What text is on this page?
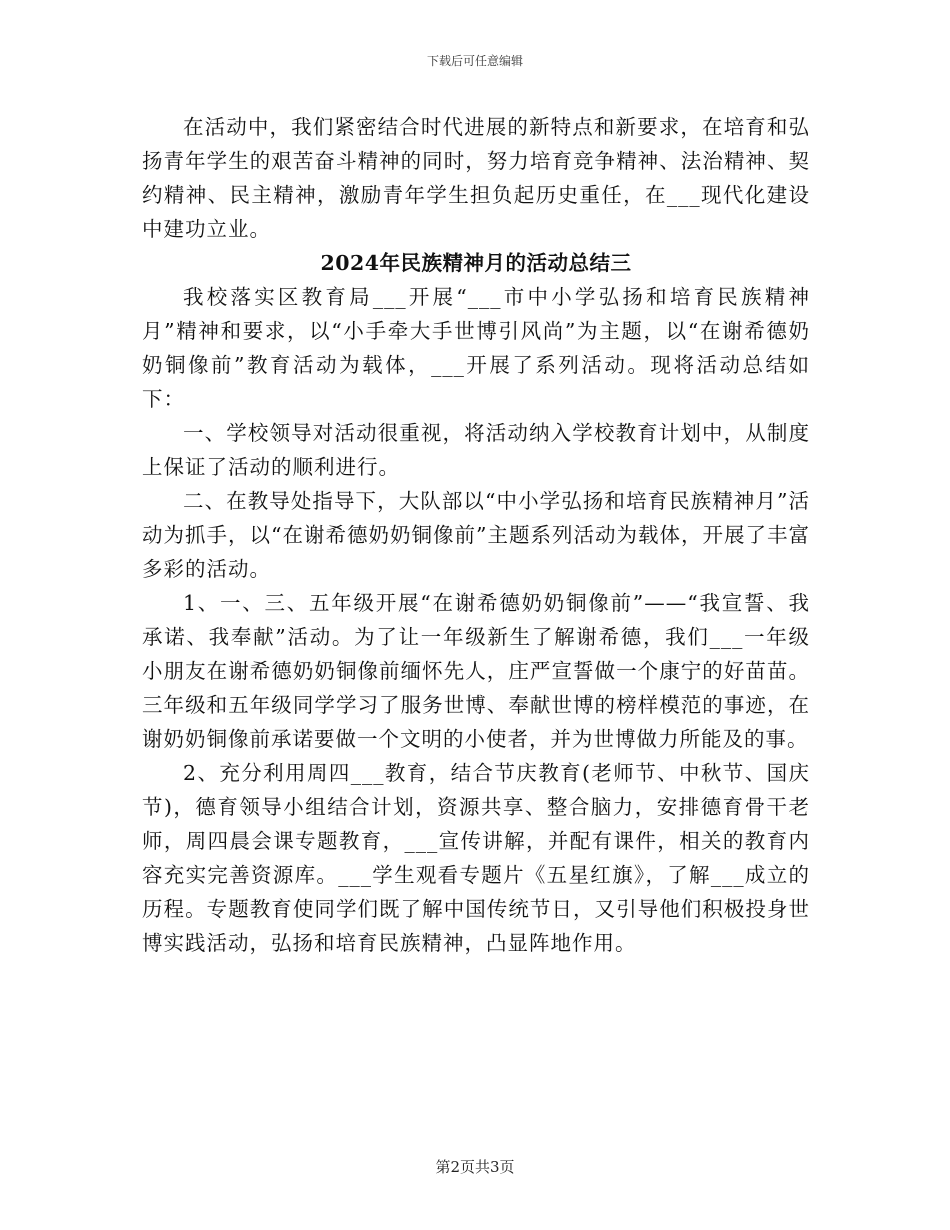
下载后可任意编辑

在活动中，我们紧密结合时代进展的新特点和新要求，在培育和弘扬青年学生的艰苦奋斗精神的同时，努力培育竞争精神、法治精神、契约精神、民主精神，激励青年学生担负起历史重任，在___现代化建设中建功立业。

2024年民族精神月的活动总结三

我校落实区教育局___开展“___市中小学弘扬和培育民族精神月”精神和要求，以“小手牵大手世博引风尚”为主题，以“在谢希德奶奶铜像前”教育活动为载体，___开展了系列活动。现将活动总结如下：

一、学校领导对活动很重视，将活动纳入学校教育计划中，从制度上保证了活动的顺利进行。

二、在教导处指导下，大队部以“中小学弘扬和培育民族精神月”活动为抓手，以“在谢希德奶奶铜像前”主题系列活动为载体，开展了丰富多彩的活动。

1、一、三、五年级开展“在谢希德奶奶铜像前”——“我宣誓、我承诺、我奉献”活动。为了让一年级新生了解谢希德，我们___一年级小朋友在谢希德奶奶铜像前缅怀先人，庄严宣誓做一个康宁的好苗苗。三年级和五年级同学学习了服务世博、奉献世博的榜样模范的事迹，在谢奶奶铜像前承诺要做一个文明的小使者，并为世博做力所能及的事。

2、充分利用周四___教育，结合节庆教育(老师节、中秋节、国庆节)，德育领导小组结合计划，资源共享、整合脑力，安排德育骨干老师，周四晨会课专题教育，___宣传讲解，并配有课件，相关的教育内容充实完善资源库。___学生观看专题片《五星红旗》，了解___成立的历程。专题教育使同学们既了解中国传统节日，又引导他们积极投身世博实践活动，弘扬和培育民族精神，凸显阵地作用。

第2页共3页
